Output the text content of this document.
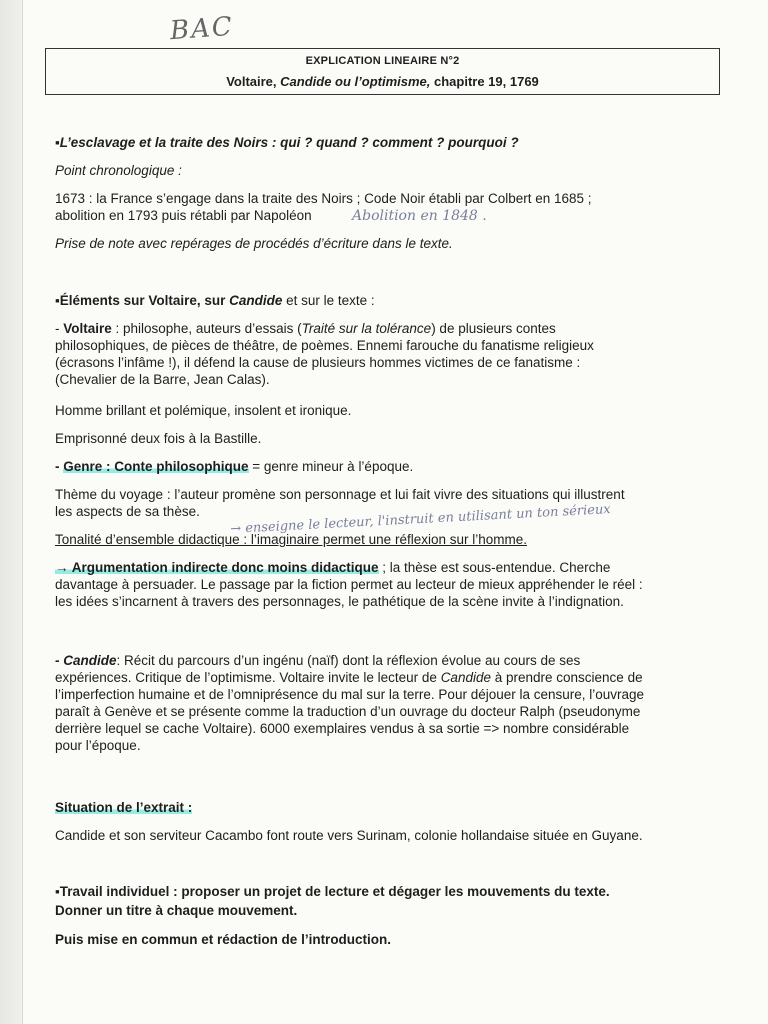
BAC
EXPLICATION LINEAIRE N°2
Voltaire, Candide ou l’optimisme, chapitre 19, 1769
▪L’esclavage et la traite des Noirs : qui ? quand ? comment ? pourquoi ?
Point chronologique :
1673 : la France s’engage dans la traite des Noirs ; Code Noir établi par Colbert en 1685 ;
abolition en 1793 puis rétabli par Napoléon	Abolition en 1848 .
Prise de note avec repérages de procédés d’écriture dans le texte.
▪Éléments sur Voltaire, sur Candide et sur le texte :
- Voltaire : philosophe, auteurs d’essais (Traité sur la tolérance) de plusieurs contes
philosophiques, de pièces de théâtre, de poèmes. Ennemi farouche du fanatisme religieux
(écrasons l’infâme !), il défend la cause de plusieurs hommes victimes de ce fanatisme :
(Chevalier de la Barre, Jean Calas).
Homme brillant et polémique, insolent et ironique.
Emprisonné deux fois à la Bastille.
- Genre : Conte philosophique = genre mineur à l’époque.
Thème du voyage : l’auteur promène son personnage et lui fait vivre des situations qui illustrent
les aspects de sa thèse.	→ enseigne le lecteur, l'instruit en utilisant un ton sérieux
Tonalité d’ensemble didactique : l’imaginaire permet une réflexion sur l’homme.
→ Argumentation indirecte donc moins didactique ; la thèse est sous-entendue. Cherche
davantage à persuader. Le passage par la fiction permet au lecteur de mieux appréhender le réel :
les idées s’incarnent à travers des personnages, le pathétique de la scène invite à l’indignation.
- Candide: Récit du parcours d’un ingénu (naïf) dont la réflexion évolue au cours de ses
expériences. Critique de l’optimisme. Voltaire invite le lecteur de Candide à prendre conscience de
l’imperfection humaine et de l’omniprésence du mal sur la terre. Pour déjouer la censure, l’ouvrage
paraît à Genève et se présente comme la traduction d’un ouvrage du docteur Ralph (pseudonyme
derrière lequel se cache Voltaire). 6000 exemplaires vendus à sa sortie => nombre considérable
pour l’époque.
Situation de l’extrait :
Candide et son serviteur Cacambo font route vers Surinam, colonie hollandaise située en Guyane.
▪Travail individuel : proposer un projet de lecture et dégager les mouvements du texte.
Donner un titre à chaque mouvement.
Puis mise en commun et rédaction de l’introduction.
